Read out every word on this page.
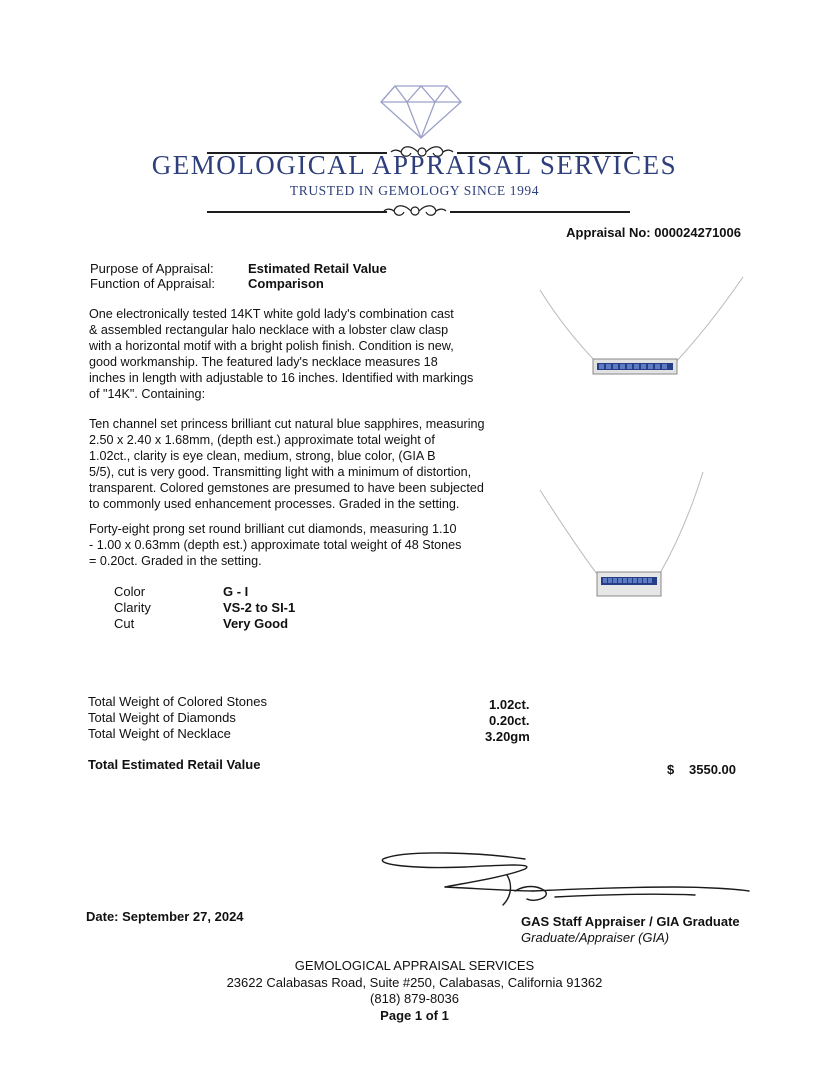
GEMOLOGICAL APPRAISAL SERVICES
TRUSTED IN GEMOLOGY SINCE 1994
Appraisal No: 000024271006
Purpose of Appraisal:	Estimated Retail Value
Function of Appraisal:	Comparison
One electronically tested 14KT white gold lady's combination cast
& assembled rectangular halo necklace with a lobster claw clasp
with a horizontal motif with a bright polish finish. Condition is new,
good workmanship. The featured lady's necklace measures 18
inches in length with adjustable to 16 inches. Identified with markings
of "14K". Containing:
Ten channel set princess brilliant cut natural blue sapphires, measuring
2.50 x 2.40 x 1.68mm, (depth est.) approximate total weight of
1.02ct., clarity is eye clean, medium, strong, blue color, (GIA B
5/5), cut is very good. Transmitting light with a minimum of distortion,
transparent. Colored gemstones are presumed to have been subjected
to commonly used enhancement processes. Graded in the setting.
Forty-eight prong set round brilliant cut diamonds, measuring 1.10
- 1.00 x 0.63mm (depth est.) approximate total weight of 48 Stones
= 0.20ct. Graded in the setting.
Color	G - I
Clarity	VS-2 to SI-1
Cut	Very Good
Total Weight of Colored Stones	1.02ct.
Total Weight of Diamonds	0.20ct.
Total Weight of Necklace	3.20gm
Total Estimated Retail Value	$ 3550.00
Date: September 27, 2024	GAS Staff Appraiser / GIA Graduate
Graduate/Appraiser (GIA)
GEMOLOGICAL APPRAISAL SERVICES
23622 Calabasas Road, Suite #250, Calabasas, California 91362
(818) 879-8036
Page 1 of 1
